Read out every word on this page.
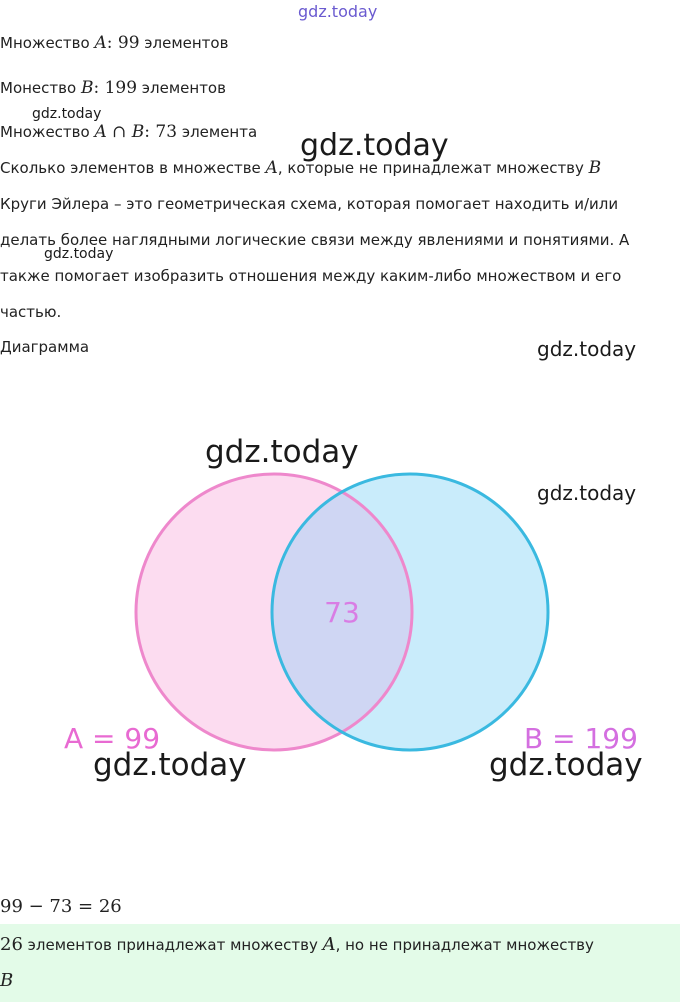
gdz.today
Множество A: 99 элементов
Монество B: 199 элементов
gdz.today
Множество A ∩ B: 73 элемента gdz.today
Сколько элементов в множестве A, которые не принадлежат множеству B
Круги Эйлера – это геометрическая схема, которая помогает находить и/или
делать более наглядными логические связи между явлениями и понятиями. А
также помогает изобразить отношения между каким-либо множеством и его
частью.
gdz.today
Диаграмма	gdz.today
73
A = 99	B = 199
gdz.today
gdz.today
gdz.today	gdz.today
99 − 73 = 26
26 элементов принадлежат множеству A, но не принадлежат множеству
B
